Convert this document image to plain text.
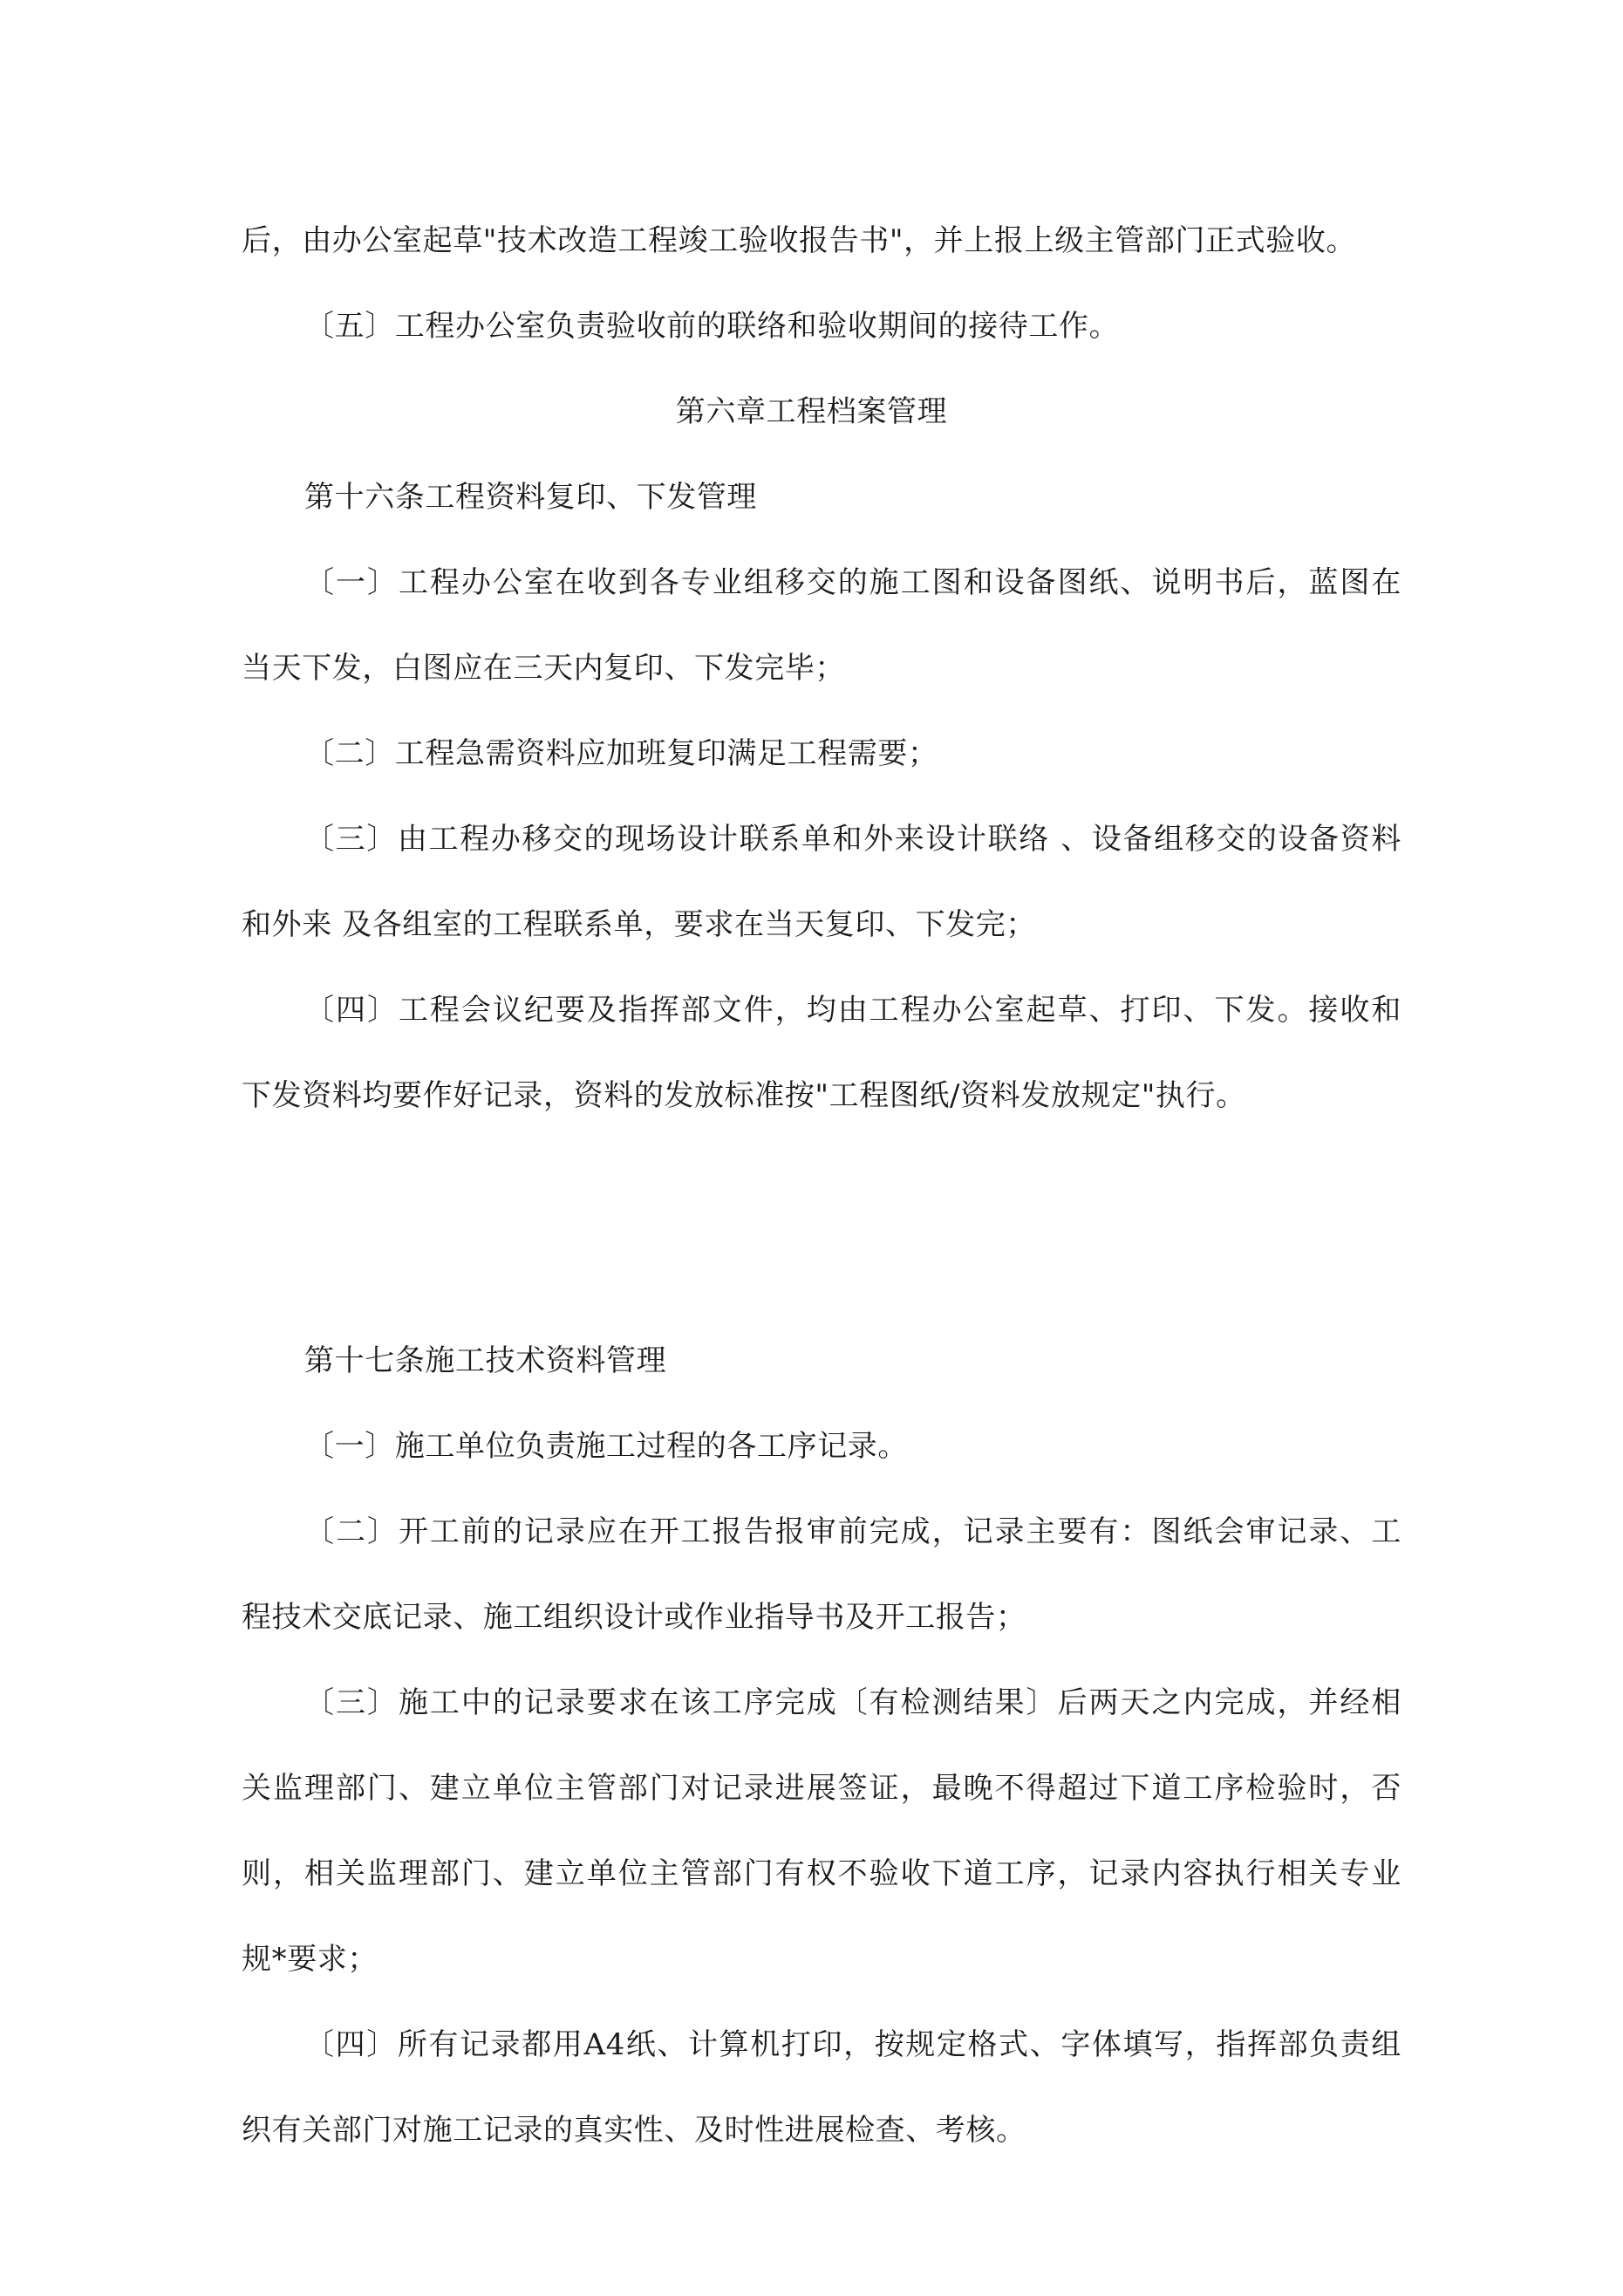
后，由办公室起草"技术改造工程竣工验收报告书"，并上报上级主管部门正式验收。
〔五〕工程办公室负责验收前的联络和验收期间的接待工作。
第六章工程档案管理
第十六条工程资料复印、下发管理
〔一〕工程办公室在收到各专业组移交的施工图和设备图纸、说明书后，蓝图在
当天下发，白图应在三天内复印、下发完毕；
〔二〕工程急需资料应加班复印满足工程需要；
〔三〕由工程办移交的现场设计联系单和外来设计联络 、设备组移交的设备资料
和外来 及各组室的工程联系单，要求在当天复印、下发完；
〔四〕工程会议纪要及指挥部文件，均由工程办公室起草、打印、下发。接收和
下发资料均要作好记录，资料的发放标准按"工程图纸/资料发放规定"执行。
第十七条施工技术资料管理
〔一〕施工单位负责施工过程的各工序记录。
〔二〕开工前的记录应在开工报告报审前完成，记录主要有：图纸会审记录、工
程技术交底记录、施工组织设计或作业指导书及开工报告；
〔三〕施工中的记录要求在该工序完成〔有检测结果〕后两天之内完成，并经相
关监理部门、建立单位主管部门对记录进展签证，最晚不得超过下道工序检验时，否
则，相关监理部门、建立单位主管部门有权不验收下道工序，记录内容执行相关专业
规*要求；
〔四〕所有记录都用A4纸、计算机打印，按规定格式、字体填写，指挥部负责组
织有关部门对施工记录的真实性、及时性进展检查、考核。
